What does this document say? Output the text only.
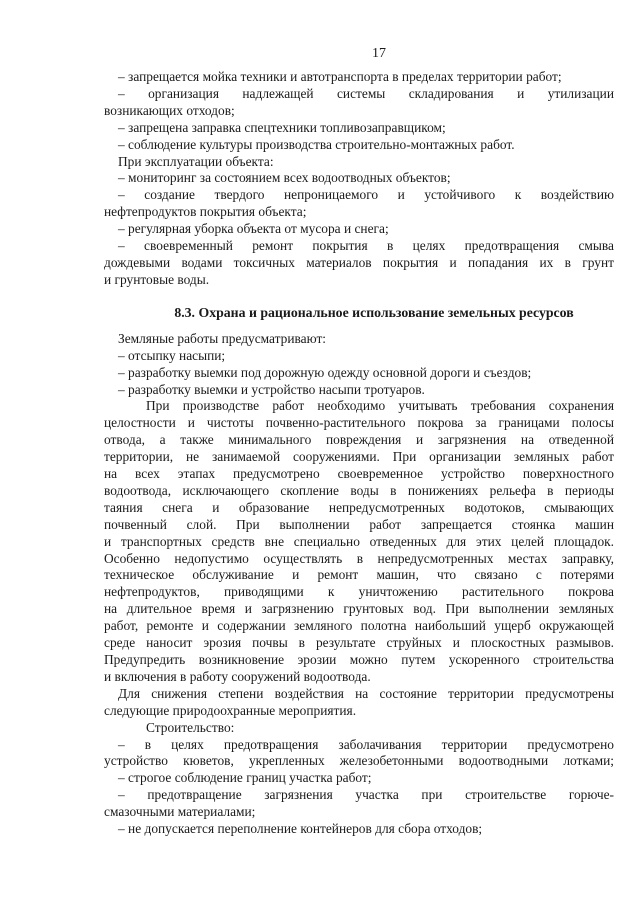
17
– запрещается мойка техники и автотранспорта в пределах территории работ;
– организация надлежащей системы складирования и утилизации
возникающих отходов;
– запрещена заправка спецтехники топливозаправщиком;
– соблюдение культуры производства строительно-монтажных работ.
При эксплуатации объекта:
– мониторинг за состоянием всех водоотводных объектов;
– создание твердого непроницаемого и устойчивого к воздействию
нефтепродуктов покрытия объекта;
– регулярная уборка объекта от мусора и снега;
– своевременный ремонт покрытия в целях предотвращения смыва
дождевыми водами токсичных материалов покрытия и попадания их в грунт
и грунтовые воды.
8.3. Охрана и рациональное использование земельных ресурсов
Земляные работы предусматривают:
– отсыпку насыпи;
– разработку выемки под дорожную одежду основной дороги и съездов;
– разработку выемки и устройство насыпи тротуаров.
При производстве работ необходимо учитывать требования сохранения
целостности и чистоты почвенно-растительного покрова за границами полосы
отвода, а также минимального повреждения и загрязнения на отведенной
территории, не занимаемой сооружениями. При организации земляных работ
на всех этапах предусмотрено своевременное устройство поверхностного
водоотвода, исключающего скопление воды в понижениях рельефа в периоды
таяния снега и образование непредусмотренных водотоков, смывающих
почвенный слой. При выполнении работ запрещается стоянка машин
и транспортных средств вне специально отведенных для этих целей площадок.
Особенно недопустимо осуществлять в непредусмотренных местах заправку,
техническое обслуживание и ремонт машин, что связано с потерями
нефтепродуктов, приводящими к уничтожению растительного покрова
на длительное время и загрязнению грунтовых вод. При выполнении земляных
работ, ремонте и содержании земляного полотна наибольший ущерб окружающей
среде наносит эрозия почвы в результате струйных и плоскостных размывов.
Предупредить возникновение эрозии можно путем ускоренного строительства
и включения в работу сооружений водоотвода.
Для снижения степени воздействия на состояние территории предусмотрены
следующие природоохранные мероприятия.
Строительство:
– в целях предотвращения заболачивания территории предусмотрено
устройство кюветов, укрепленных железобетонными водоотводными лотками;
– строгое соблюдение границ участка работ;
– предотвращение загрязнения участка при строительстве горюче-
смазочными материалами;
– не допускается переполнение контейнеров для сбора отходов;
